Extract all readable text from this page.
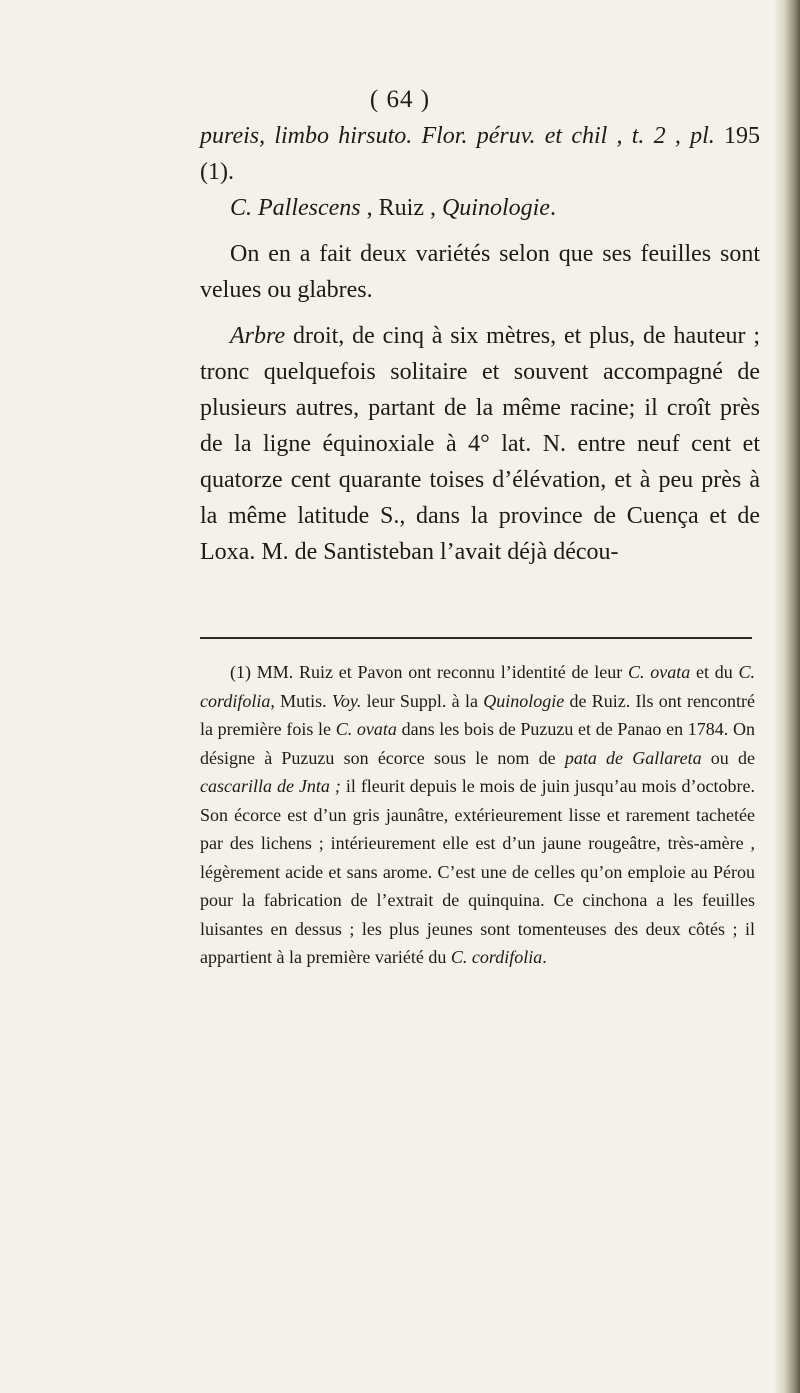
( 64 )

pureis, limbo hirsuto. Flor. péruv. et chil , t. 2 , pl. 195 (1).

C. Pallescens , Ruiz , Quinologie.

On en a fait deux variétés selon que ses feuilles sont velues ou glabres.

Arbre droit, de cinq à six mètres, et plus, de hauteur ; tronc quelquefois solitaire et souvent accompagné de plusieurs autres, partant de la même racine; il croît près de la ligne équinoxiale à 4° lat. N. entre neuf cent et quatorze cent quarante toises d’élévation, et à peu près à la même latitude S., dans la province de Cuença et de Loxa. M. de Santisteban l’avait déjà décou-

(1) MM. Ruiz et Pavon ont reconnu l’identité de leur C. ovata et du C. cordifolia, Mutis. Voy. leur Suppl. à la Quinologie de Ruiz. Ils ont rencontré la première fois le C. ovata dans les bois de Puzuzu et de Panao en 1784. On désigne à Puzuzu son écorce sous le nom de pata de Gallareta ou de cascarilla de Jnta ; il fleurit depuis le mois de juin jusqu’au mois d’octobre. Son écorce est d’un gris jaunâtre, extérieurement lisse et rarement tachetée par des lichens ; intérieurement elle est d’un jaune rougeâtre, très-amère , légèrement acide et sans arome. C’est une de celles qu’on emploie au Pérou pour la fabrication de l’extrait de quinquina. Ce cinchona a les feuilles luisantes en dessus ; les plus jeunes sont tomenteuses des deux côtés ; il appartient à la première variété du C. cordifolia.
